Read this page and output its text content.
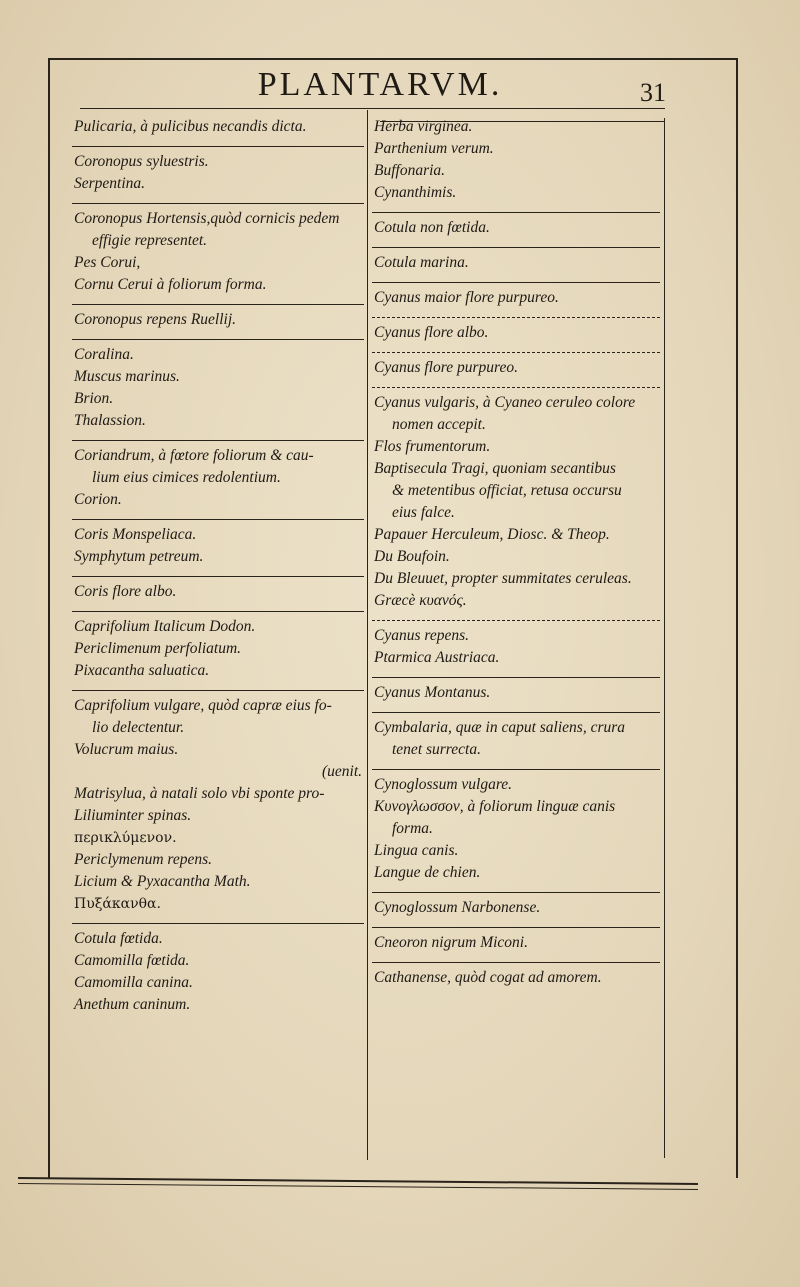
PLANTARVM.	31
Pulicaria, à pulicibus necandis dicta.
Coronopus syluestris.
Serpentina.
Coronopus Hortensis,quòd cornicis pedem
effigie representet.
Pes Corui,
Cornu Cerui à foliorum forma.
Coronopus repens Ruellij.
Coralina.
Muscus marinus.
Brion.
Thalassion.
Coriandrum, à fœtore foliorum & cau-
lium eius cimices redolentium.
Corion.
Coris Monspeliaca.
Symphytum petreum.
Coris flore albo.
Caprifolium Italicum Dodon.
Periclimenum perfoliatum.
Pixacantha saluatica.
Caprifolium vulgare, quòd capræ eius fo-
lio delectentur.
Volucrum maius.
(uenit.
Matrisylua, à natali solo vbi sponte pro-
Liliuminter spinas.
περικλύμενον.
Periclymenum repens.
Licium & Pyxacantha Math.
Πυξάκανθα.
Cotula fœtida.
Camomilla fœtida.
Camomilla canina.
Anethum caninum.
Herba virginea.
Parthenium verum.
Buffonaria.
Cynanthimis.
Cotula non fœtida.
Cotula marina.
Cyanus maior flore purpureo.
Cyanus flore albo.
Cyanus flore purpureo.
Cyanus vulgaris, à Cyaneo ceruleo colore
nomen accepit.
Flos frumentorum.
Baptisecula Tragi, quoniam secantibus
& metentibus officiat, retusa occursu
eius falce.
Papauer Herculeum, Diosc. & Theop.
Du Boufoin.
Du Bleuuet, propter summitates ceruleas.
Græcè κυανός.
Cyanus repens.
Ptarmica Austriaca.
Cyanus Montanus.
Cymbalaria, quæ in caput saliens, crura
tenet surrecta.
Cynoglossum vulgare.
Κυνογλωσσον, à foliorum linguæ canis
forma.
Lingua canis.
Langue de chien.
Cynoglossum Narbonense.
Cneoron nigrum Miconi.
Cathanense, quòd cogat ad amorem.
